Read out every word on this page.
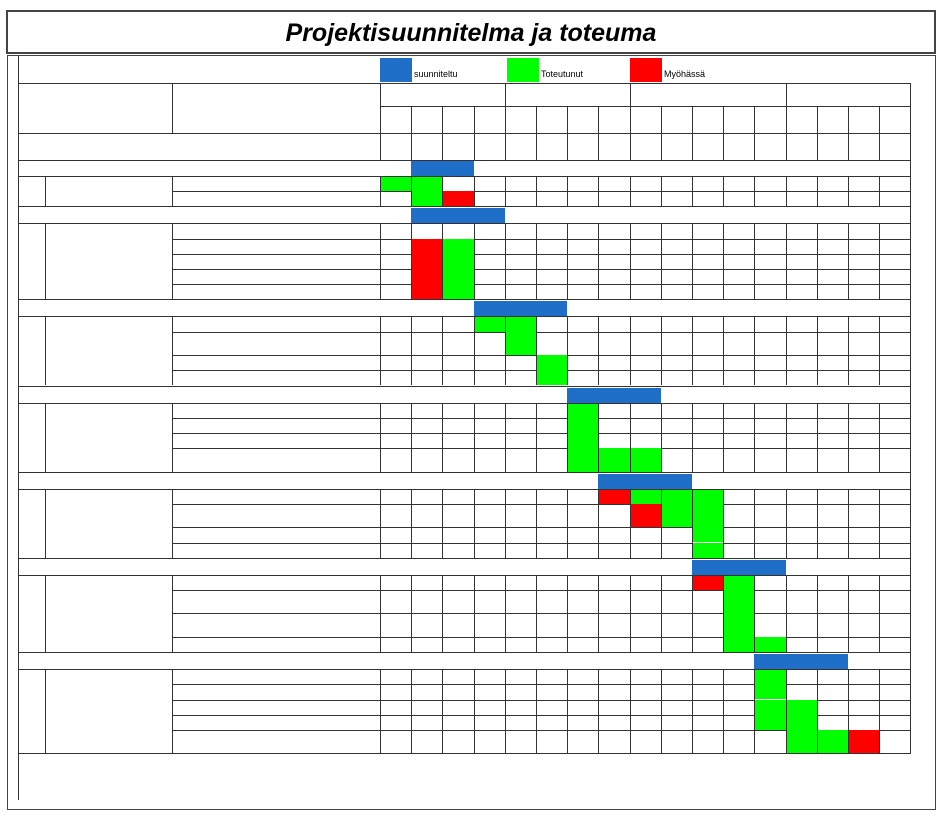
Projektisuunnitelma ja toteuma
suunniteltu	Toteutunut	Myöhässä
